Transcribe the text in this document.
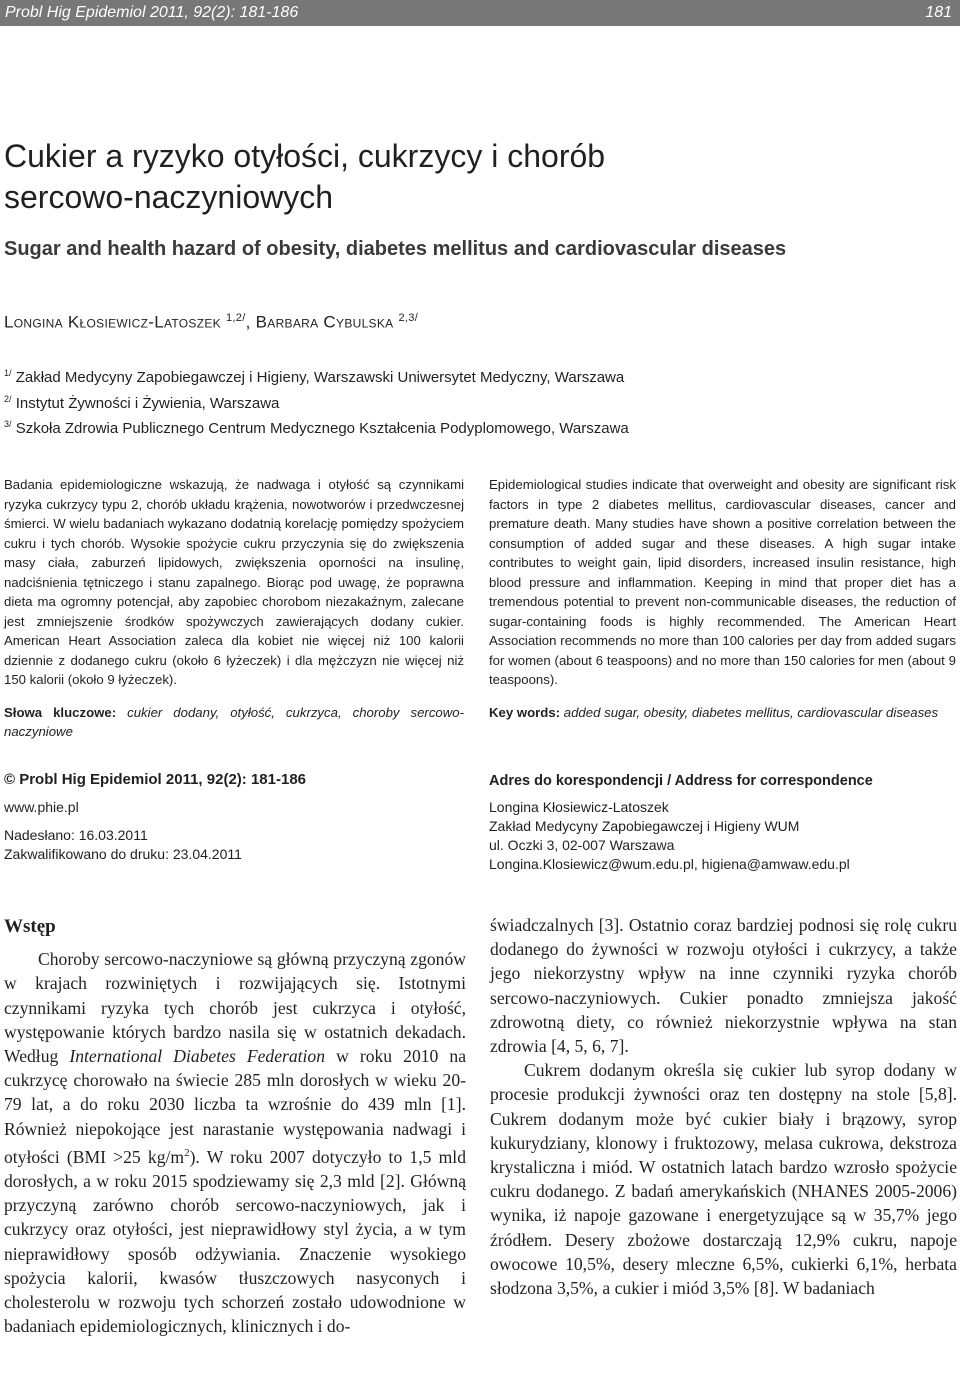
Probl Hig Epidemiol 2011, 92(2): 181-186	181
Cukier a ryzyko otyłości, cukrzycy i chorób
sercowo-naczyniowych
Sugar and health hazard of obesity, diabetes mellitus and cardiovascular diseases
Longina Kłosiewicz-Latoszek $^{1,2/}$, Barbara Cybulska $^{2,3/}$
$^{1/}$ Zakład Medycyny Zapobiegawczej i Higieny, Warszawski Uniwersytet Medyczny, Warszawa
$^{2/}$ Instytut Żywności i Żywienia, Warszawa
$^{3/}$ Szkoła Zdrowia Publicznego Centrum Medycznego Kształcenia Podyplomowego, Warszawa

Badania epidemiologiczne wskazują, że nadwaga i otyłość są czynnikami ryzyka cukrzycy typu 2, chorób układu krążenia, nowotworów i przedwczesnej śmierci. W wielu badaniach wykazano dodatnią korelację pomiędzy spożyciem cukru i tych chorób. Wysokie spożycie cukru przyczynia się do zwiększenia masy ciała, zaburzeń lipidowych, zwiększenia oporności na insulinę, nadciśnienia tętniczego i stanu zapalnego. Biorąc pod uwagę, że poprawna dieta ma ogromny potencjał, aby zapobiec chorobom niezakaźnym, zalecane jest zmniejszenie środków spożywczych zawierających dodany cukier. American Heart Association zaleca dla kobiet nie więcej niż 100 kalorii dziennie z dodanego cukru (około 6 łyżeczek) i dla mężczyzn nie więcej niż 150 kalorii (około 9 łyżeczek).

Słowa kluczowe: cukier dodany, otyłość, cukrzyca, choroby sercowo-naczyniowe

Epidemiological studies indicate that overweight and obesity are significant risk factors in type 2 diabetes mellitus, cardiovascular diseases, cancer and premature death. Many studies have shown a positive correlation between the consumption of added sugar and these diseases. A high sugar intake contributes to weight gain, lipid disorders, increased insulin resistance, high blood pressure and inflammation. Keeping in mind that proper diet has a tremendous potential to prevent non-communicable diseases, the reduction of sugar-containing foods is highly recommended. The American Heart Association recommends no more than 100 calories per day from added sugars for women (about 6 teaspoons) and no more than 150 calories for men (about 9 teaspoons).

Key words: added sugar, obesity, diabetes mellitus, cardiovascular diseases

© Probl Hig Epidemiol 2011, 92(2): 181-186

www.phie.pl

Nadesłano: 16.03.2011
Zakwalifikowano do druku: 23.04.2011
Adres do korespondencji / Address for correspondence
Longina Kłosiewicz-Latoszek
Zakład Medycyny Zapobiegawczej i Higieny WUM
ul. Oczki 3, 02-007 Warszawa
Longina.Klosiewicz@wum.edu.pl, higiena@amwaw.edu.pl
Wstęp

Choroby sercowo-naczyniowe są główną przyczyną zgonów w krajach rozwiniętych i rozwijających się. Istotnymi czynnikami ryzyka tych chorób jest cukrzyca i otyłość, występowanie których bardzo nasila się w ostatnich dekadach. Według International Diabetes Federation w roku 2010 na cukrzycę chorowało na świecie 285 mln dorosłych w wieku 20-79 lat, a do roku 2030 liczba ta wzrośnie do 439 mln [1]. Również niepokojące jest narastanie występowania nadwagi i otyłości (BMI >25 $kg/m^2$). W roku 2007 dotyczyło to 1,5 mld dorosłych, a w roku 2015 spodziewamy się 2,3 mld [2]. Główną przyczyną zarówno chorób sercowo-naczyniowych, jak i cukrzycy oraz otyłości, jest nieprawidłowy styl życia, a w tym nieprawidłowy sposób odżywiania. Znaczenie wysokiego spożycia kalorii, kwasów tłuszczowych nasyconych i cholesterolu w rozwoju tych schorzeń zostało udowodnione w badaniach epidemiologicznych, klinicznych i do-

świadczalnych [3]. Ostatnio coraz bardziej podnosi się rolę cukru dodanego do żywności w rozwoju otyłości i cukrzycy, a także jego niekorzystny wpływ na inne czynniki ryzyka chorób sercowo-naczyniowych. Cukier ponadto zmniejsza jakość zdrowotną diety, co również niekorzystnie wpływa na stan zdrowia [4, 5, 6, 7].

Cukrem dodanym określa się cukier lub syrop dodany w procesie produkcji żywności oraz ten dostępny na stole [5,8]. Cukrem dodanym może być cukier biały i brązowy, syrop kukurydziany, klonowy i fruktozowy, melasa cukrowa, dekstroza krystaliczna i miód. W ostatnich latach bardzo wzrosło spożycie cukru dodanego. Z badań amerykańskich (NHANES 2005-2006) wynika, iż napoje gazowane i energetyzujące są w 35,7% jego źródłem. Desery zbożowe dostarczają 12,9% cukru, napoje owocowe 10,5%, desery mleczne 6,5%, cukierki 6,1%, herbata słodzona 3,5%, a cukier i miód 3,5% [8]. W badaniach
